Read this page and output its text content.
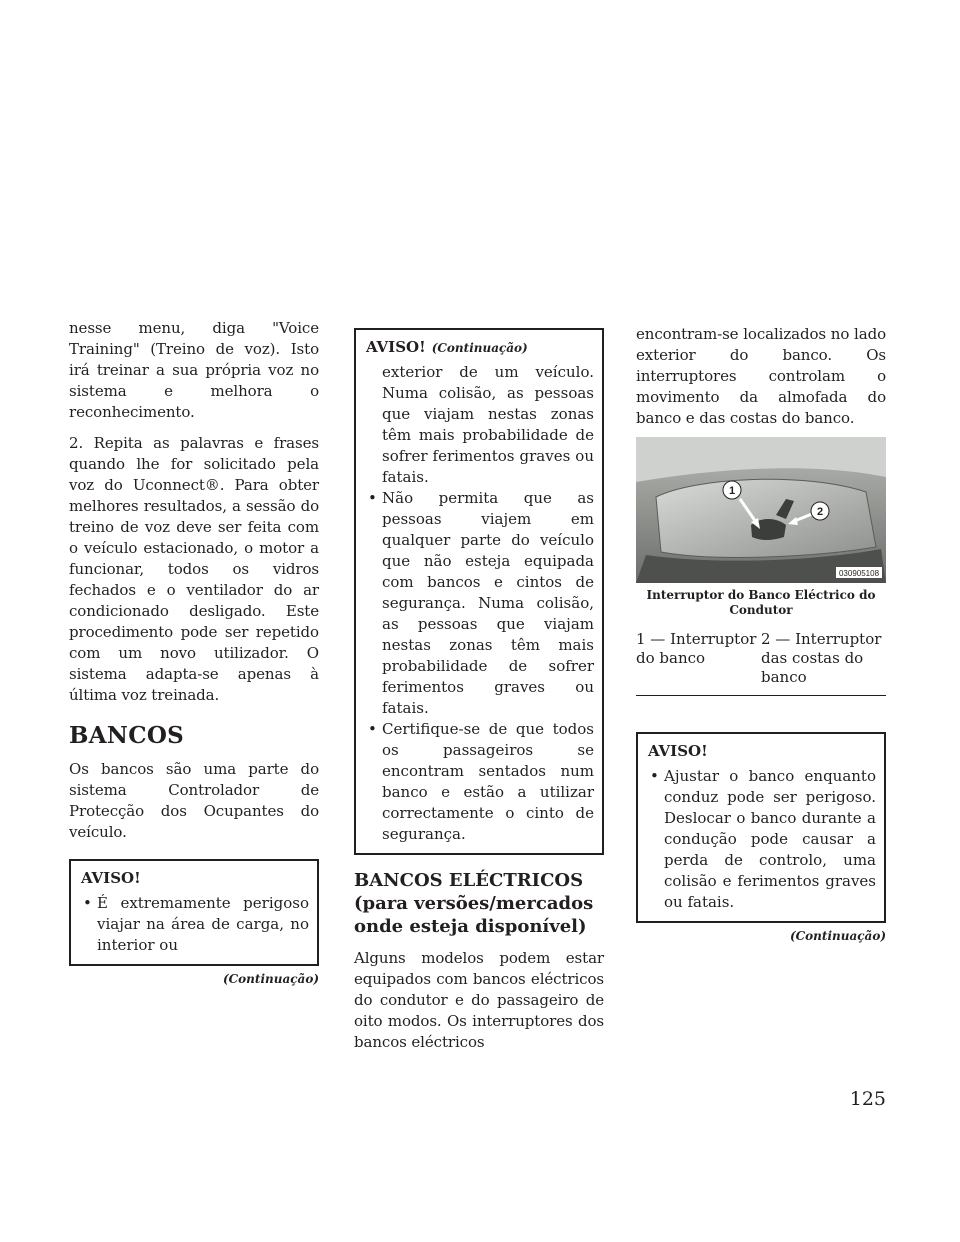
nesse menu, diga "Voice Training" (Treino de voz). Isto irá treinar a sua própria voz no sistema e melhora o reconhecimento.

2. Repita as palavras e frases quando lhe for solicitado pela voz do Uconnect®. Para obter melhores resultados, a sessão do treino de voz deve ser feita com o veículo estacionado, o motor a funcionar, todos os vidros fechados e o ventilador do ar condicionado desligado. Este procedimento pode ser repetido com um novo utilizador. O sistema adapta-se apenas à última voz treinada.

BANCOS

Os bancos são uma parte do sistema Controlador de Protecção dos Ocupantes do veículo.

AVISO!
• É extremamente perigoso viajar na área de carga, no interior ou
(Continuação)
AVISO! (Continuação)
exterior de um veículo. Numa colisão, as pessoas que viajam nestas zonas têm mais probabilidade de sofrer ferimentos graves ou fatais.
• Não permita que as pessoas viajem em qualquer parte do veículo que não esteja equipada com bancos e cintos de segurança. Numa colisão, as pessoas que viajam nestas zonas têm mais probabilidade de sofrer ferimentos graves ou fatais.
• Certifique-se de que todos os passageiros se encontram sentados num banco e estão a utilizar correctamente o cinto de segurança.
BANCOS ELÉCTRICOS (para versões/mercados onde esteja disponível)

Alguns modelos podem estar equipados com bancos eléctricos do condutor e do passageiro de oito modos. Os interruptores dos bancos eléctricos

encontram-se localizados no lado exterior do banco. Os interruptores controlam o movimento da almofada do banco e das costas do banco.

1
2
030905108
Interruptor do Banco Eléctrico do Condutor
1 — Interruptor do banco
2 — Interruptor das costas do banco
AVISO!
• Ajustar o banco enquanto conduz pode ser perigoso. Deslocar o banco durante a condução pode causar a perda de controlo, uma colisão e ferimentos graves ou fatais.
(Continuação)
125
